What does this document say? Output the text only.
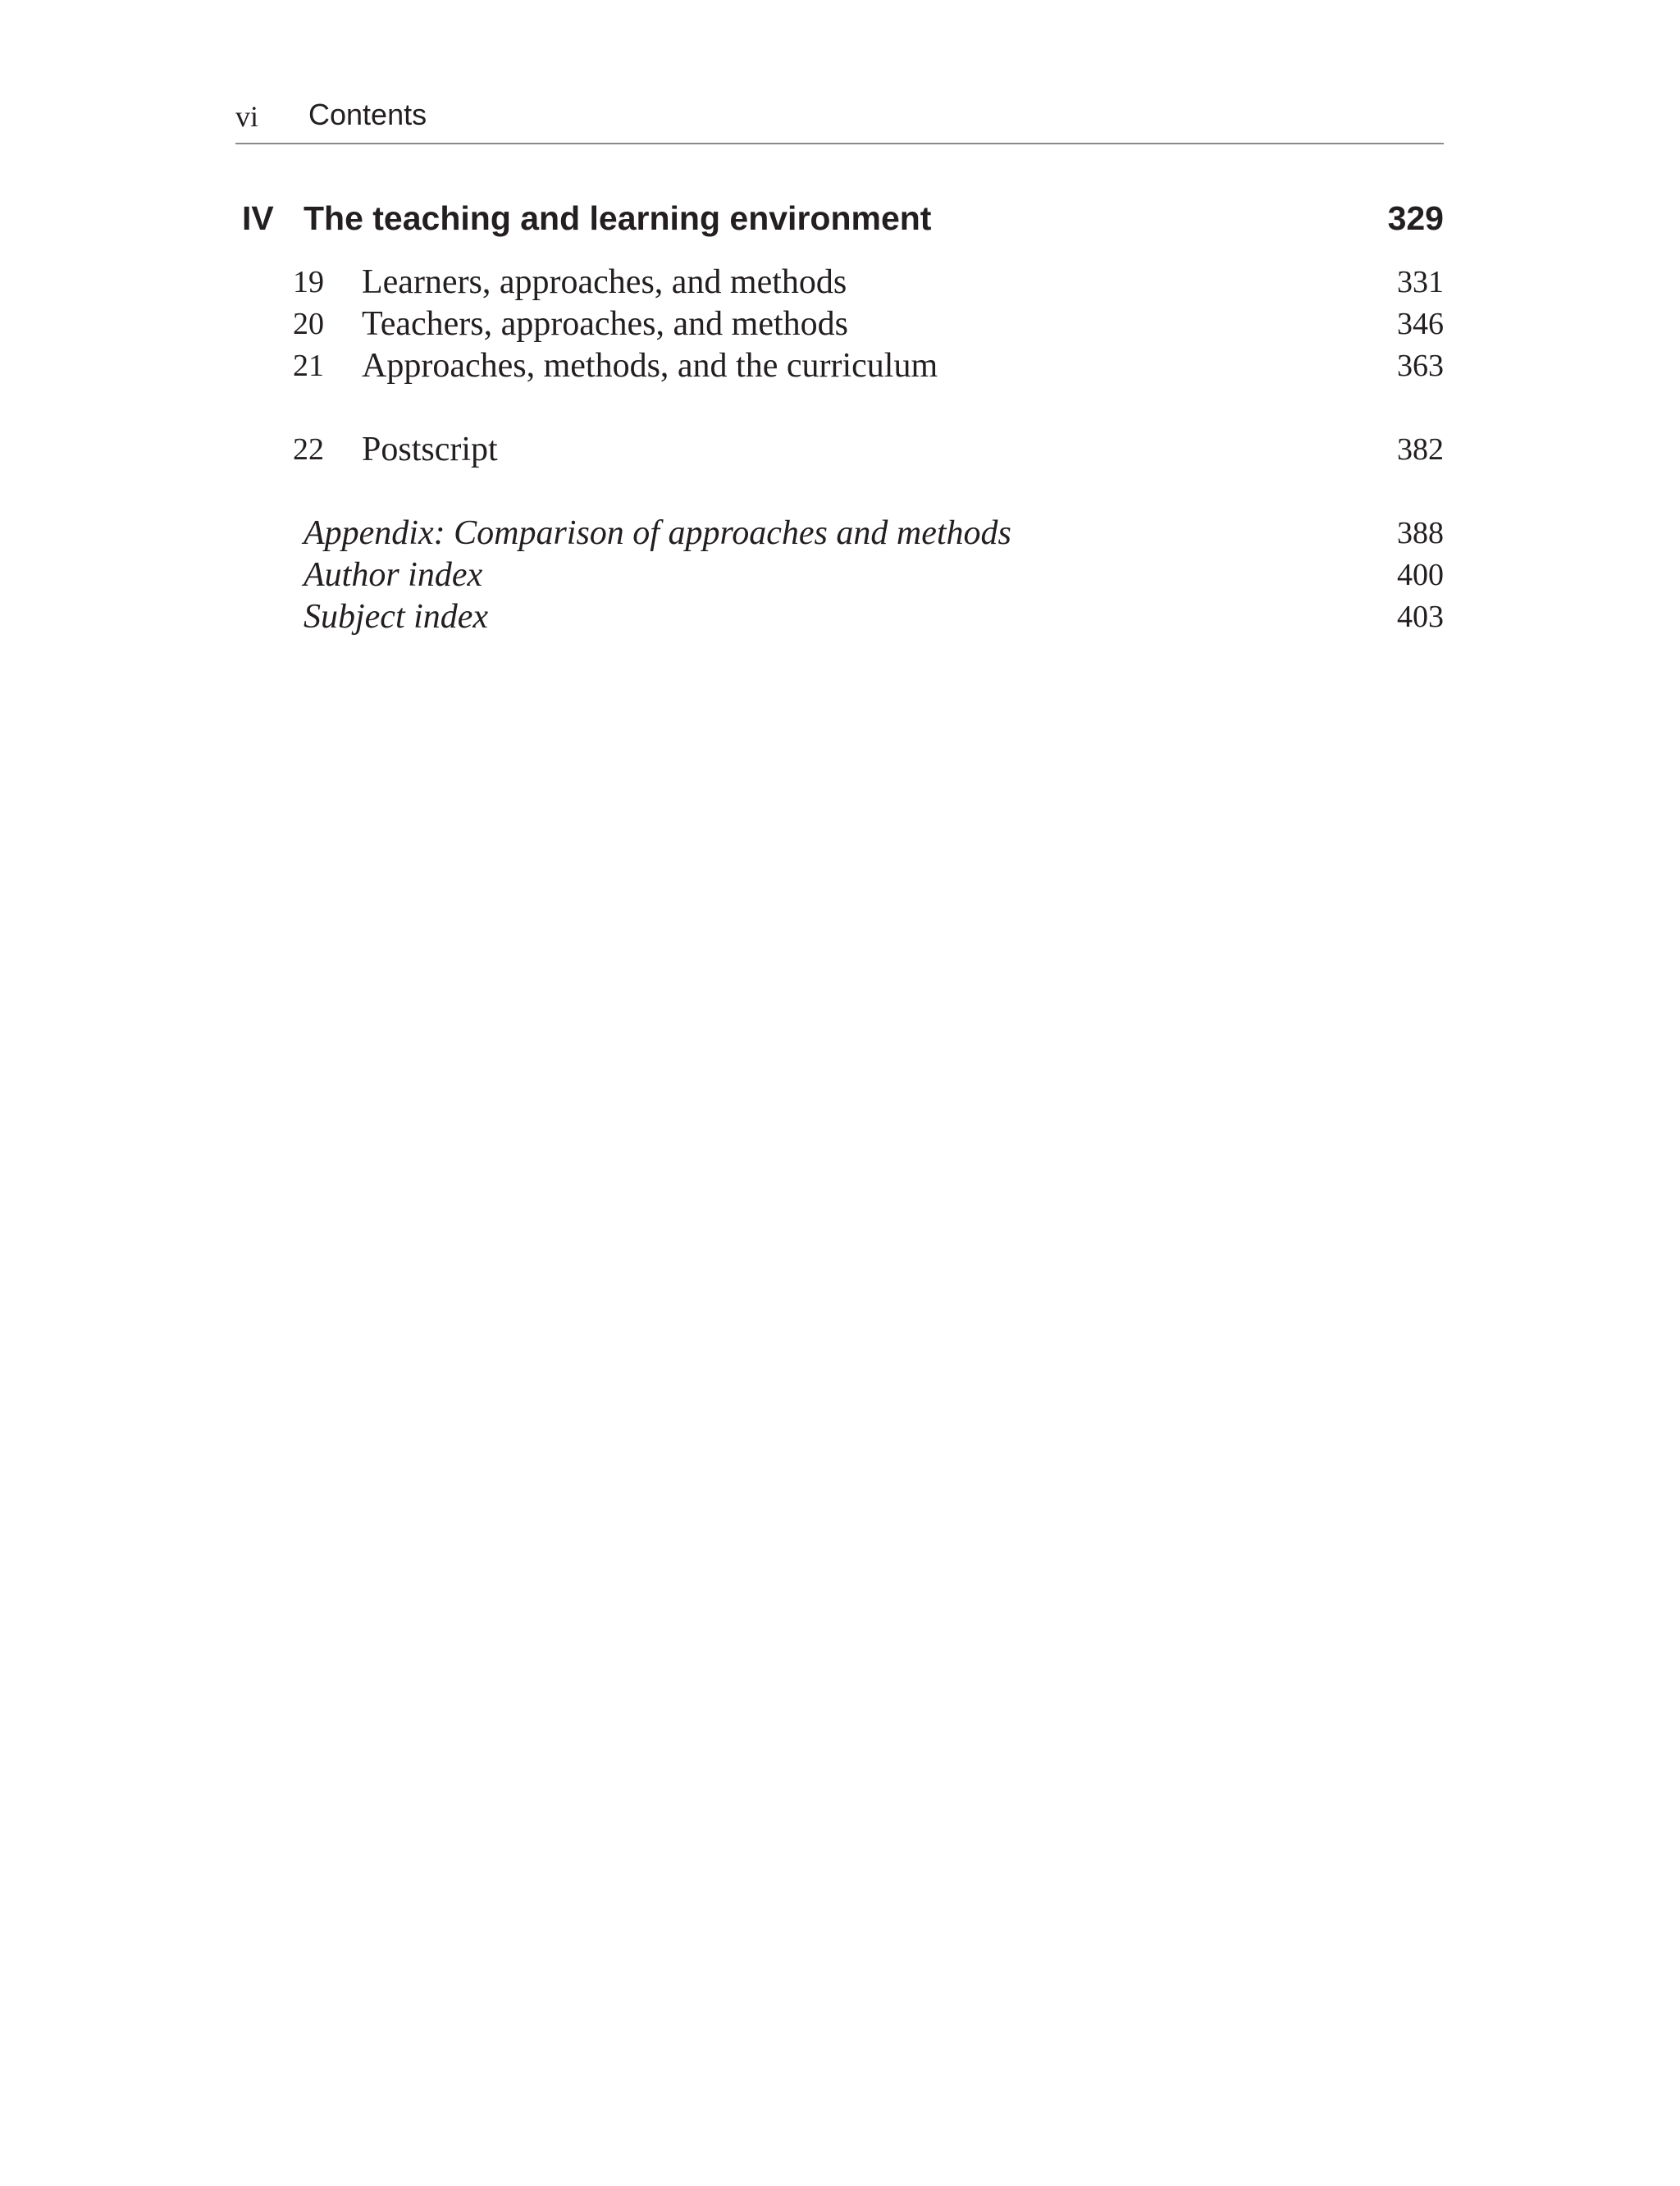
vi Contents
IV The teaching and learning environment	329
19 Learners, approaches, and methods	331
20 Teachers, approaches, and methods	346
21 Approaches, methods, and the curriculum	363
22 Postscript	382
Appendix: Comparison of approaches and methods	388
Author index	400
Subject index	403
